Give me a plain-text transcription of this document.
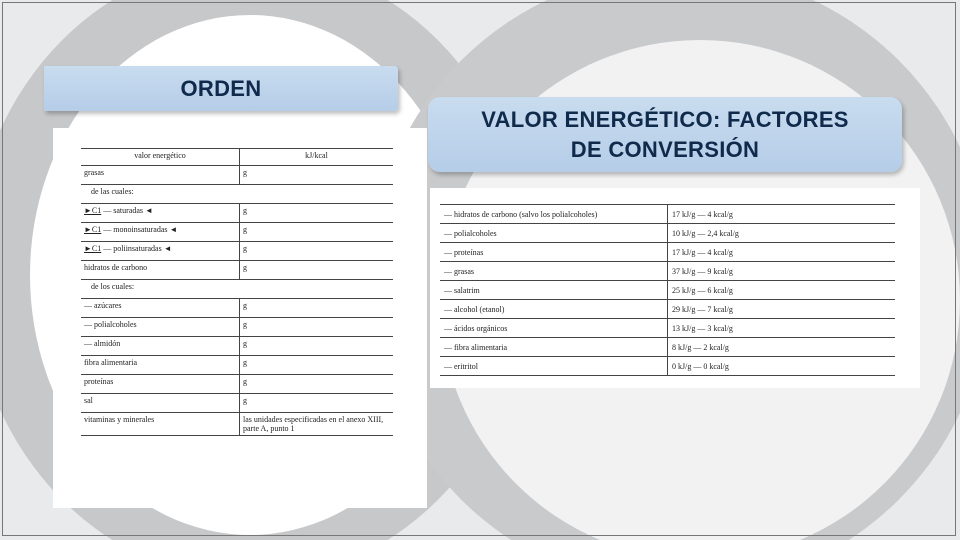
ORDEN
VALOR ENERGÉTICO: FACTORES
DE CONVERSIÓN
valor energético	kJ/kcal
grasas	g
de las cuales:	
►C1 — saturadas ◄	g
►C1 — monoinsaturadas ◄	g
►C1 — poliinsaturadas ◄	g
hidratos de carbono	g
de los cuales:	
— azúcares	g
— polialcoholes	g
— almidón	g
fibra alimentaria	g
proteínas	g
sal	g
vitaminas y minerales	las unidades especificadas en el anexo XIII, parte A, punto 1
— hidratos de carbono (salvo los polialcoholes)	17 kJ/g — 4 kcal/g
— polialcoholes	10 kJ/g — 2,4 kcal/g
— proteínas	17 kJ/g — 4 kcal/g
— grasas	37 kJ/g — 9 kcal/g
— salatrim	25 kJ/g — 6 kcal/g
— alcohol (etanol)	29 kJ/g — 7 kcal/g
— ácidos orgánicos	13 kJ/g — 3 kcal/g
— fibra alimentaria	8 kJ/g — 2 kcal/g
— eritritol	0 kJ/g — 0 kcal/g
